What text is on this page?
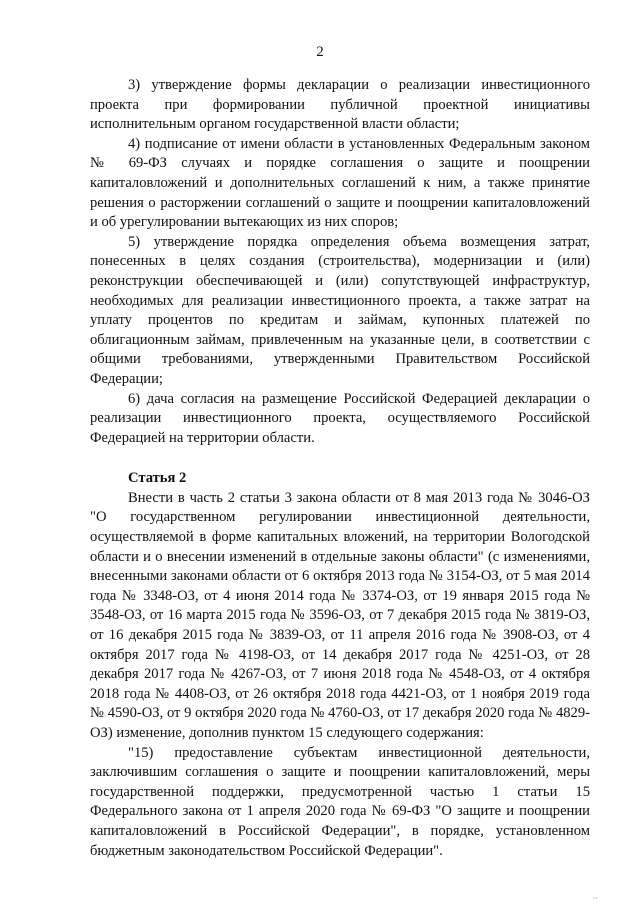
2

3) утверждение формы декларации о реализации инвестиционного проекта при формировании публичной проектной инициативы исполнительным органом государственной власти области;

4) подписание от имени области в установленных Федеральным законом № 69-ФЗ случаях и порядке соглашения о защите и поощрении капиталовложений и дополнительных соглашений к ним, а также принятие решения о расторжении соглашений о защите и поощрении капиталовложений и об урегулировании вытекающих из них споров;

5) утверждение порядка определения объема возмещения затрат, понесенных в целях создания (строительства), модернизации и (или) реконструкции обеспечивающей и (или) сопутствующей инфраструктур, необходимых для реализации инвестиционного проекта, а также затрат на уплату процентов по кредитам и займам, купонных платежей по облигационным займам, привлеченным на указанные цели, в соответствии с общими требованиями, утвержденными Правительством Российской Федерации;

6) дача согласия на размещение Российской Федерацией декларации о реализации инвестиционного проекта, осуществляемого Российской Федерацией на территории области.

Статья 2

Внести в часть 2 статьи 3 закона области от 8 мая 2013 года № 3046-ОЗ "О государственном регулировании инвестиционной деятельности, осуществляемой в форме капитальных вложений, на территории Вологодской области и о внесении изменений в отдельные законы области" (с изменениями, внесенными законами области от 6 октября 2013 года № 3154-ОЗ, от 5 мая 2014 года № 3348-ОЗ, от 4 июня 2014 года № 3374-ОЗ, от 19 января 2015 года № 3548-ОЗ, от 16 марта 2015 года № 3596-ОЗ, от 7 декабря 2015 года № 3819-ОЗ, от 16 декабря 2015 года № 3839-ОЗ, от 11 апреля 2016 года № 3908-ОЗ, от 4 октября 2017 года № 4198-ОЗ, от 14 декабря 2017 года № 4251-ОЗ, от 28 декабря 2017 года № 4267-ОЗ, от 7 июня 2018 года № 4548-ОЗ, от 4 октября 2018 года № 4408-ОЗ, от 26 октября 2018 года 4421-ОЗ, от 1 ноября 2019 года № 4590-ОЗ, от 9 октября 2020 года № 4760-ОЗ, от 17 декабря 2020 года № 4829-ОЗ) изменение, дополнив пунктом 15 следующего содержания:

"15) предоставление субъектам инвестиционной деятельности, заключившим соглашения о защите и поощрении капиталовложений, меры государственной поддержки, предусмотренной частью 1 статьи 15 Федерального закона от 1 апреля 2020 года № 69-ФЗ "О защите и поощрении капиталовложений в Российской Федерации", в порядке, установленном бюджетным законодательством Российской Федерации".

··
